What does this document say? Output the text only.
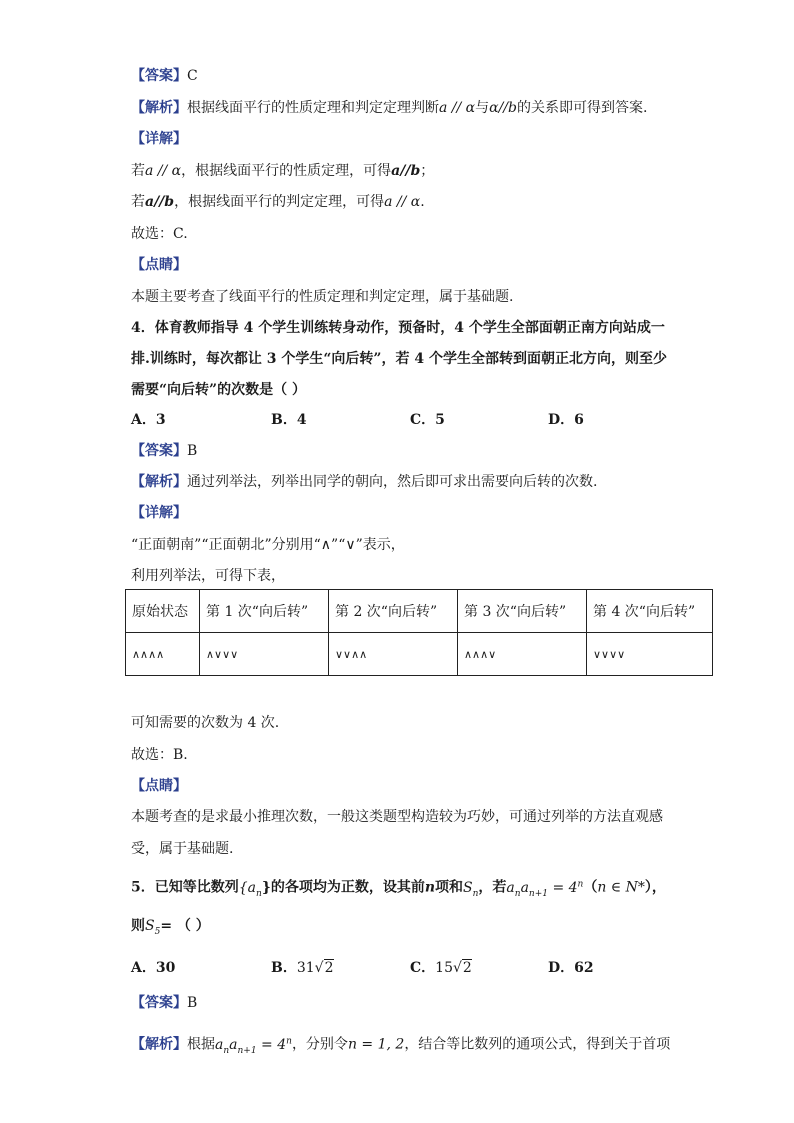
【答案】C
【解析】根据线面平行的性质定理和判定定理判断a // α与α//b的关系即可得到答案.
【详解】
若a // α，根据线面平行的性质定理，可得a//b；
若a//b，根据线面平行的判定定理，可得a // α.
故选：C.
【点睛】
本题主要考查了线面平行的性质定理和判定定理，属于基础题.
4．体育教师指导 4 个学生训练转身动作，预备时，4 个学生全部面朝正南方向站成一
排.训练时，每次都让 3 个学生“向后转”，若 4 个学生全部转到面朝正北方向，则至少
需要“向后转”的次数是（ ）
A．3	B．4	C．5	D．6
【答案】B
【解析】通过列举法，列举出同学的朝向，然后即可求出需要向后转的次数.
【详解】
“正面朝南”“正面朝北”分别用“∧”“∨”表示，
利用列举法，可得下表，
原始状态	第 1 次“向后转”	第 2 次“向后转”	第 3 次“向后转”	第 4 次“向后转”
∧∧∧∧	∧∨∨∨	∨∨∧∧	∧∧∧∨	∨∨∨∨
可知需要的次数为 4 次.
故选：B.
【点睛】
本题考查的是求最小推理次数，一般这类题型构造较为巧妙，可通过列举的方法直观感
受，属于基础题.
5．已知等比数列$\{a_n\}$的各项均为正数，设其前n项和$S_n$，若$a_na_{n+1} = 4^n(n$ ∈ N*），
则$S_5=$ （ ）
A．30	B．31√2	C．15√2	D．62
【答案】B
【解析】根据$a_na_{n+1} = 4^n$，分别令n = 1, 2，结合等比数列的通项公式，得到关于首项
